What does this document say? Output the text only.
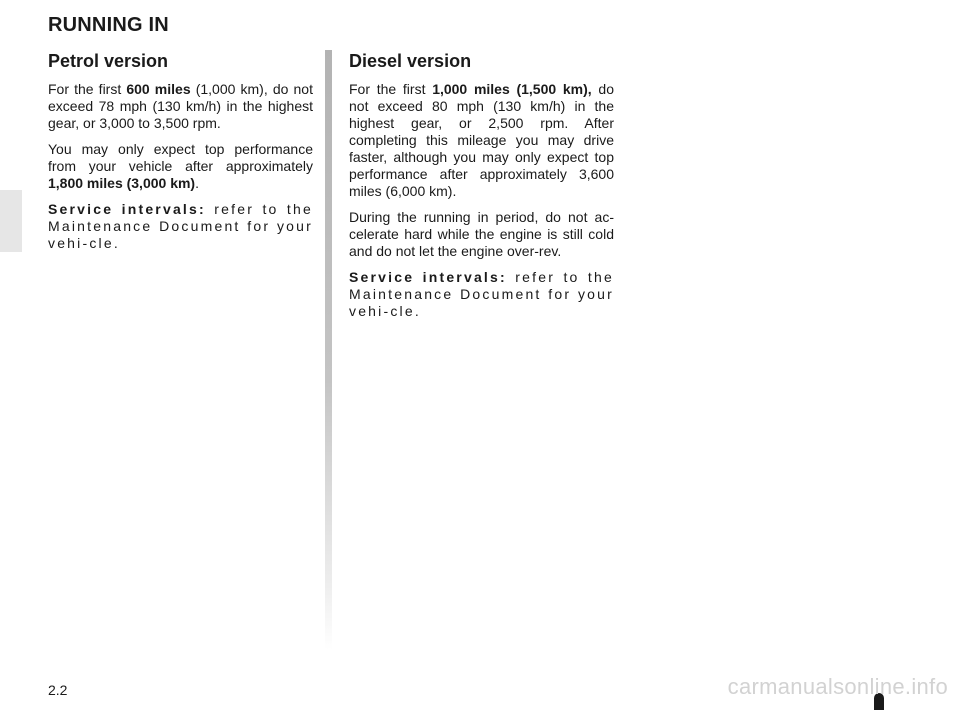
RUNNING IN
Petrol version

For the first 600 miles (1,000 km), do not exceed 78 mph (130 km/h) in the highest gear, or 3,000 to 3,500 rpm.

You may only expect top performance from your vehicle after approximately 1,800 miles (3,000 km).

Service intervals: refer to the Maintenance Document for your vehi-cle.

Diesel version

For the first 1,000 miles (1,500 km), do not exceed 80 mph (130 km/h) in the highest gear, or 2,500 rpm. After completing this mileage you may drive faster, although you may only expect top performance after approximately 3,600 miles (6,000 km).

During the running in period, do not ac-celerate hard while the engine is still cold and do not let the engine over-rev.

Service intervals: refer to the Maintenance Document for your vehi-cle.

2.2	carmanualsonline.info
